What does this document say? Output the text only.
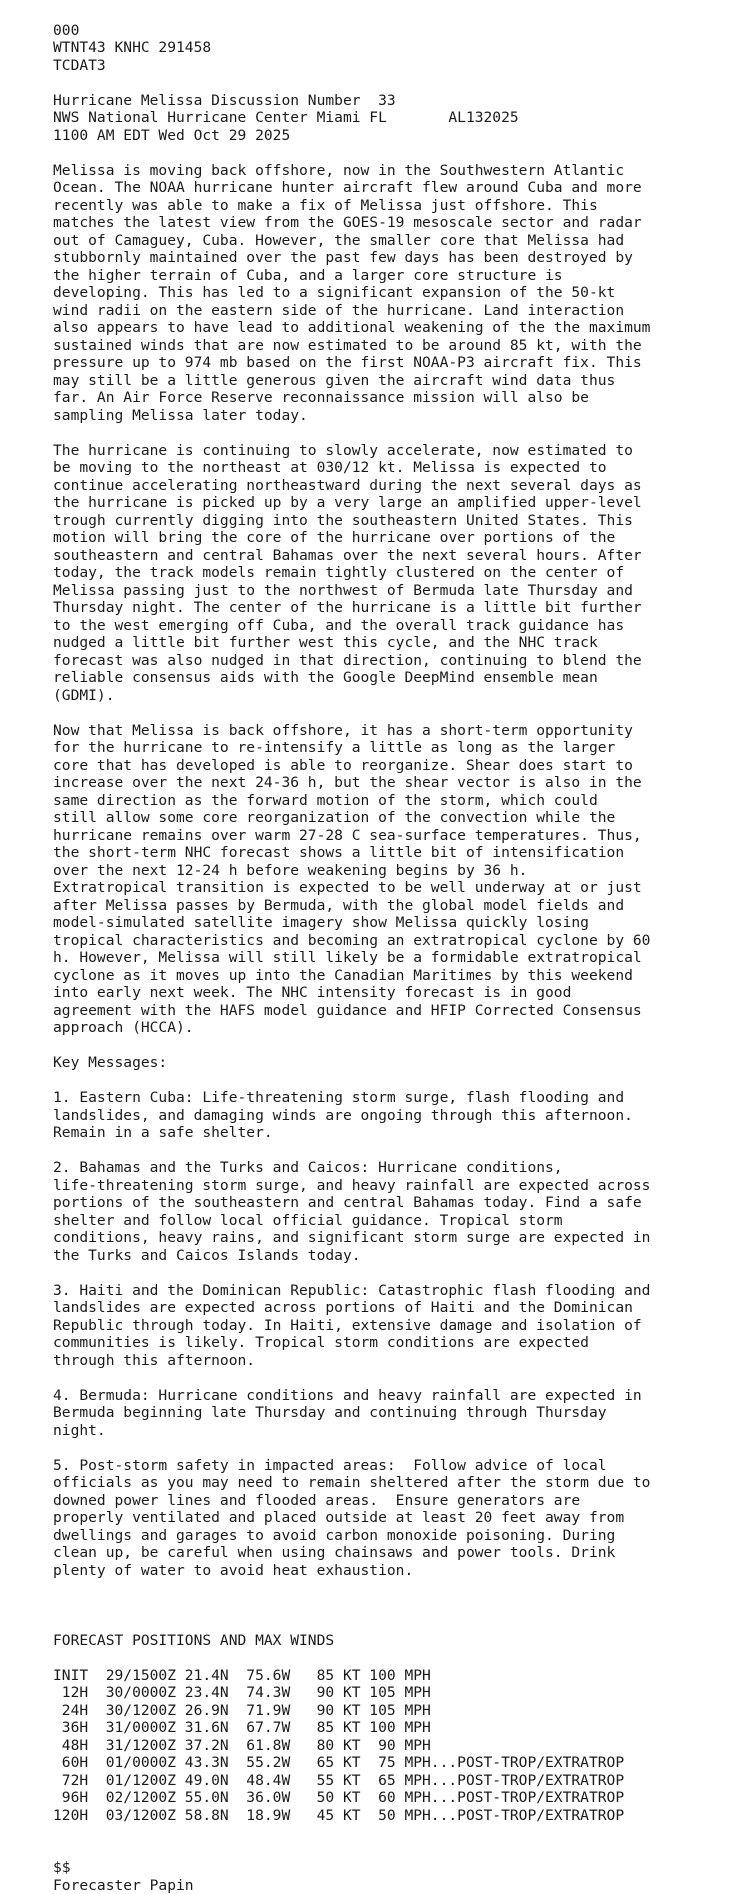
000
WTNT43 KNHC 291458
TCDAT3

Hurricane Melissa Discussion Number  33
NWS National Hurricane Center Miami FL       AL132025
1100 AM EDT Wed Oct 29 2025

Melissa is moving back offshore, now in the Southwestern Atlantic
Ocean. The NOAA hurricane hunter aircraft flew around Cuba and more
recently was able to make a fix of Melissa just offshore. This
matches the latest view from the GOES-19 mesoscale sector and radar
out of Camaguey, Cuba. However, the smaller core that Melissa had
stubbornly maintained over the past few days has been destroyed by
the higher terrain of Cuba, and a larger core structure is
developing. This has led to a significant expansion of the 50-kt
wind radii on the eastern side of the hurricane. Land interaction
also appears to have lead to additional weakening of the the maximum
sustained winds that are now estimated to be around 85 kt, with the
pressure up to 974 mb based on the first NOAA-P3 aircraft fix. This
may still be a little generous given the aircraft wind data thus
far. An Air Force Reserve reconnaissance mission will also be
sampling Melissa later today.

The hurricane is continuing to slowly accelerate, now estimated to
be moving to the northeast at 030/12 kt. Melissa is expected to
continue accelerating northeastward during the next several days as
the hurricane is picked up by a very large an amplified upper-level
trough currently digging into the southeastern United States. This
motion will bring the core of the hurricane over portions of the
southeastern and central Bahamas over the next several hours. After
today, the track models remain tightly clustered on the center of
Melissa passing just to the northwest of Bermuda late Thursday and
Thursday night. The center of the hurricane is a little bit further
to the west emerging off Cuba, and the overall track guidance has
nudged a little bit further west this cycle, and the NHC track
forecast was also nudged in that direction, continuing to blend the
reliable consensus aids with the Google DeepMind ensemble mean
(GDMI).

Now that Melissa is back offshore, it has a short-term opportunity
for the hurricane to re-intensify a little as long as the larger
core that has developed is able to reorganize. Shear does start to
increase over the next 24-36 h, but the shear vector is also in the
same direction as the forward motion of the storm, which could
still allow some core reorganization of the convection while the
hurricane remains over warm 27-28 C sea-surface temperatures. Thus,
the short-term NHC forecast shows a little bit of intensification
over the next 12-24 h before weakening begins by 36 h.
Extratropical transition is expected to be well underway at or just
after Melissa passes by Bermuda, with the global model fields and
model-simulated satellite imagery show Melissa quickly losing
tropical characteristics and becoming an extratropical cyclone by 60
h. However, Melissa will still likely be a formidable extratropical
cyclone as it moves up into the Canadian Maritimes by this weekend
into early next week. The NHC intensity forecast is in good
agreement with the HAFS model guidance and HFIP Corrected Consensus
approach (HCCA).

Key Messages:

1. Eastern Cuba: Life-threatening storm surge, flash flooding and
landslides, and damaging winds are ongoing through this afternoon.
Remain in a safe shelter.

2. Bahamas and the Turks and Caicos: Hurricane conditions,
life-threatening storm surge, and heavy rainfall are expected across
portions of the southeastern and central Bahamas today. Find a safe
shelter and follow local official guidance. Tropical storm
conditions, heavy rains, and significant storm surge are expected in
the Turks and Caicos Islands today.

3. Haiti and the Dominican Republic: Catastrophic flash flooding and
landslides are expected across portions of Haiti and the Dominican
Republic through today. In Haiti, extensive damage and isolation of
communities is likely. Tropical storm conditions are expected
through this afternoon.

4. Bermuda: Hurricane conditions and heavy rainfall are expected in
Bermuda beginning late Thursday and continuing through Thursday
night.

5. Post-storm safety in impacted areas:  Follow advice of local
officials as you may need to remain sheltered after the storm due to
downed power lines and flooded areas.  Ensure generators are
properly ventilated and placed outside at least 20 feet away from
dwellings and garages to avoid carbon monoxide poisoning. During
clean up, be careful when using chainsaws and power tools. Drink
plenty of water to avoid heat exhaustion.

FORECAST POSITIONS AND MAX WINDS

INIT  29/1500Z 21.4N  75.6W   85 KT 100 MPH
12H  30/0000Z 23.4N  74.3W   90 KT 105 MPH
24H  30/1200Z 26.9N  71.9W   90 KT 105 MPH
36H  31/0000Z 31.6N  67.7W   85 KT 100 MPH
48H  31/1200Z 37.2N  61.8W   80 KT  90 MPH
60H  01/0000Z 43.3N  55.2W   65 KT  75 MPH...POST-TROP/EXTRATROP
72H  01/1200Z 49.0N  48.4W   55 KT  65 MPH...POST-TROP/EXTRATROP
96H  02/1200Z 55.0N  36.0W   50 KT  60 MPH...POST-TROP/EXTRATROP
120H  03/1200Z 58.8N  18.9W   45 KT  50 MPH...POST-TROP/EXTRATROP

$$
Forecaster Papin
